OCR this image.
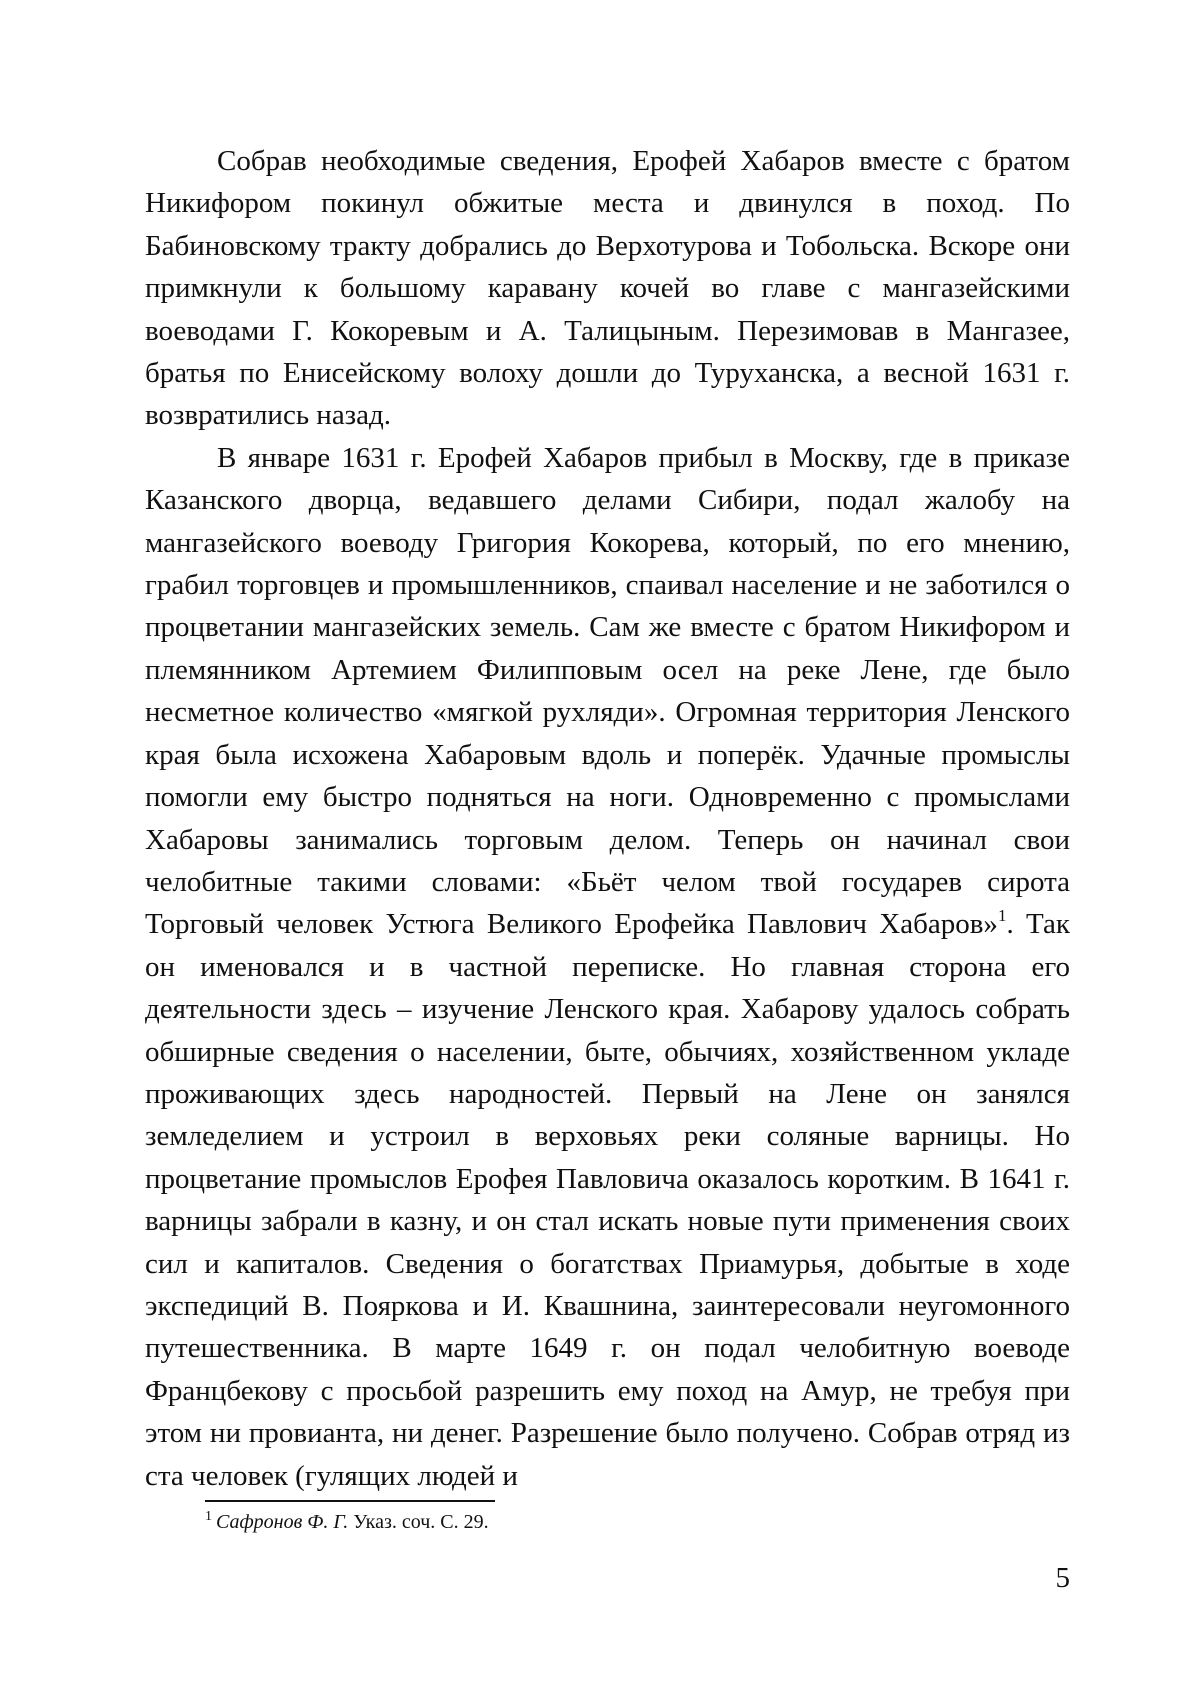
Собрав необходимые сведения, Ерофей Хабаров вместе с братом Никифором покинул обжитые места и двинулся в поход. По Бабиновскому тракту добрались до Верхотурова и Тобольска. Вскоре они примкнули к большому каравану кочей во главе с мангазейскими воеводами Г. Кокоревым и А. Талицыным. Перезимовав в Мангазее, братья по Енисейскому волоху дошли до Туруханска, а весной 1631 г. возвратились назад.

В январе 1631 г. Ерофей Хабаров прибыл в Москву, где в приказе Казанского дворца, ведавшего делами Сибири, подал жалобу на мангазейского воеводу Григория Кокорева, который, по его мнению, грабил торговцев и промышленников, спаивал население и не заботился о процветании мангазейских земель. Сам же вместе с братом Никифором и племянником Артемием Филипповым осел на реке Лене, где было несметное количество «мягкой рухляди». Огромная территория Ленского края была исхожена Хабаровым вдоль и поперёк. Удачные промыслы помогли ему быстро подняться на ноги. Одновременно с промыслами Хабаровы занимались торговым делом. Теперь он начинал свои челобитные такими словами: «Бьёт челом твой государев сирота Торговый человек Устюга Великого Ерофейка Павлович Хабаров»$^1$. Так он именовался и в частной переписке. Но главная сторона его деятельности здесь – изучение Ленского края. Хабарову удалось собрать обширные сведения о населении, быте, обычиях, хозяйственном укладе проживающих здесь народностей. Первый на Лене он занялся земледелием и устроил в верховьях реки соляные варницы. Но процветание промыслов Ерофея Павловича оказалось коротким. В 1641 г. варницы забрали в казну, и он стал искать новые пути применения своих сил и капиталов. Сведения о богатствах Приамурья, добытые в ходе экспедиций В. Пояркова и И. Квашнина, заинтересовали неугомонного путешественника. В марте 1649 г. он подал челобитную воеводе Францбекову с просьбой разрешить ему поход на Амур, не требуя при этом ни провианта, ни денег. Разрешение было получено. Собрав отряд из ста человек (гулящих людей и

$^1$ Сафронов Ф. Г. Указ. соч. С. 29.
5
